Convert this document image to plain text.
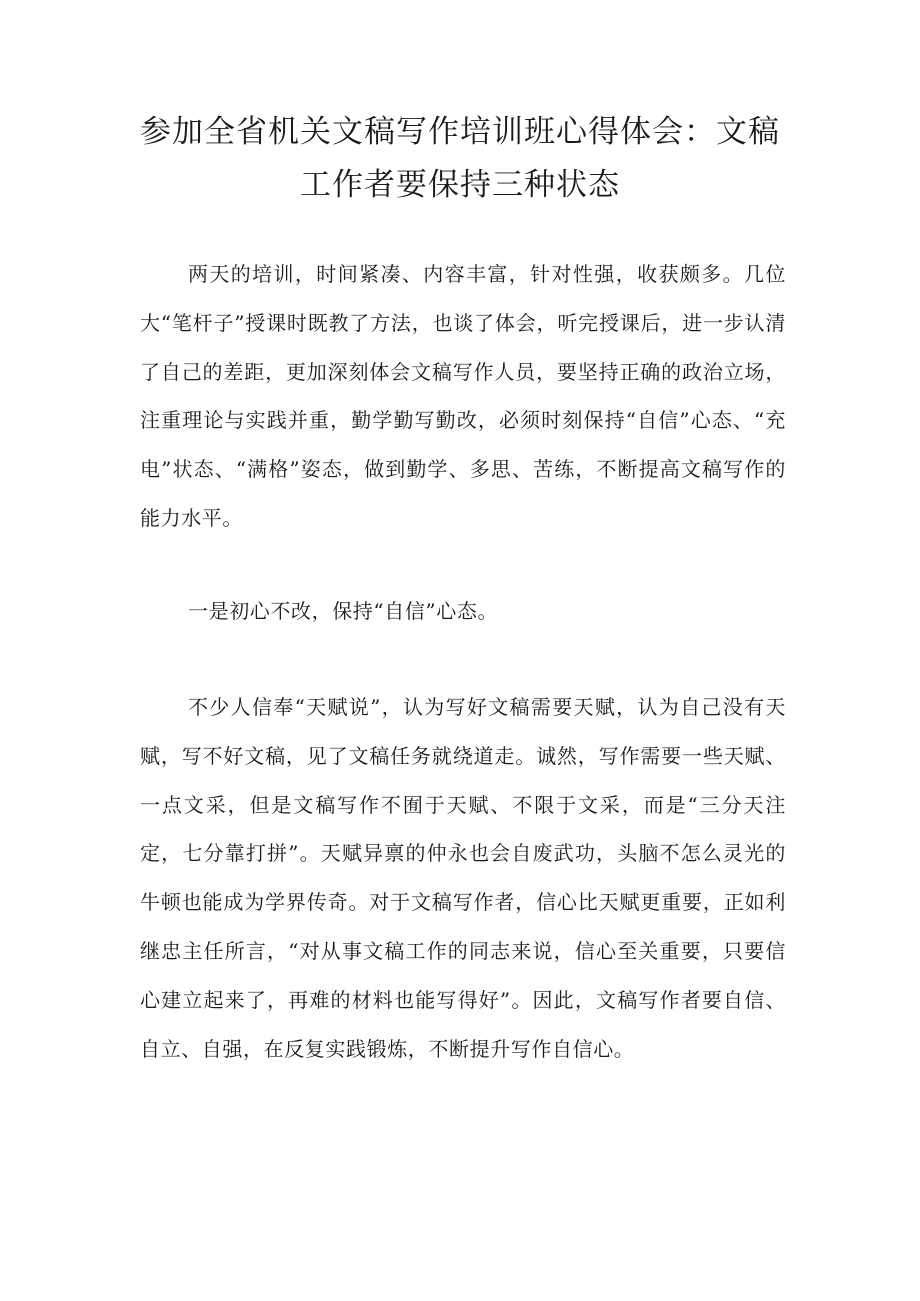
参加全省机关文稿写作培训班心得体会：文稿工作者要保持三种状态

两天的培训，时间紧凑、内容丰富，针对性强，收获颇多。几位大“笔杆子”授课时既教了方法，也谈了体会，听完授课后，进一步认清了自己的差距，更加深刻体会文稿写作人员，要坚持正确的政治立场，注重理论与实践并重，勤学勤写勤改，必须时刻保持“自信”心态、“充电”状态、“满格”姿态，做到勤学、多思、苦练，不断提高文稿写作的能力水平。

一是初心不改，保持“自信”心态。

不少人信奉“天赋说”，认为写好文稿需要天赋，认为自己没有天赋，写不好文稿，见了文稿任务就绕道走。诚然，写作需要一些天赋、一点文采，但是文稿写作不囿于天赋、不限于文采，而是“三分天注定，七分靠打拼”。天赋异禀的仲永也会自废武功，头脑不怎么灵光的牛顿也能成为学界传奇。对于文稿写作者，信心比天赋更重要，正如利继忠主任所言，“对从事文稿工作的同志来说，信心至关重要，只要信心建立起来了，再难的材料也能写得好”。因此，文稿写作者要自信、自立、自强，在反复实践锻炼，不断提升写作自信心。
